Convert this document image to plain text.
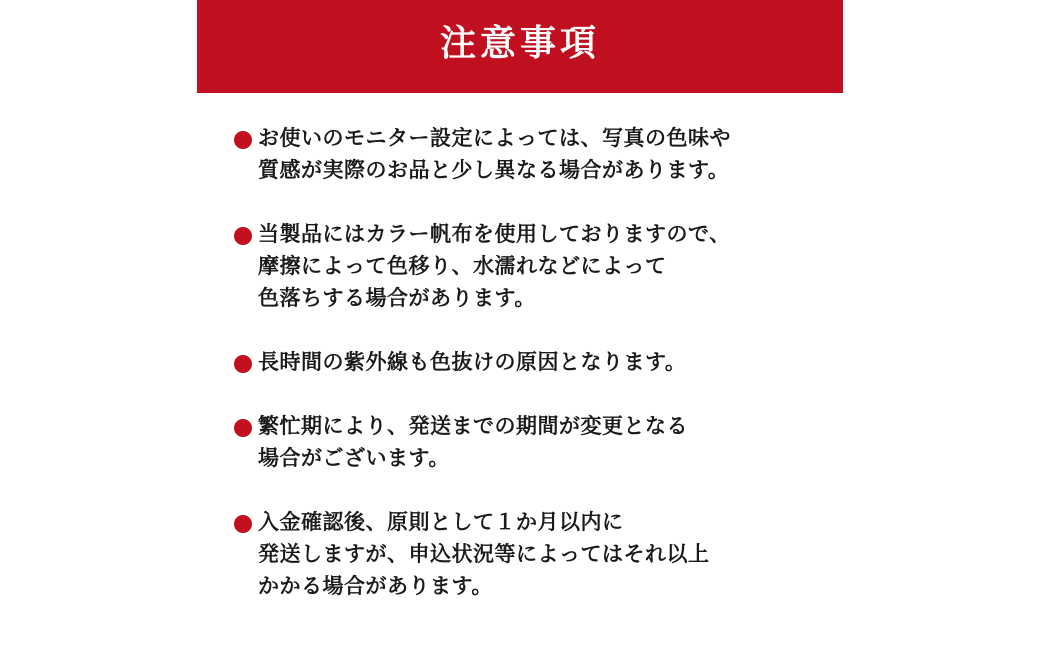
注意事項
お使いのモニター設定によっては、写真の色味や
質感が実際のお品と少し異なる場合があります。
当製品にはカラー帆布を使用しておりますので、
摩擦によって色移り、水濡れなどによって
色落ちする場合があります。
長時間の紫外線も色抜けの原因となります。
繁忙期により、発送までの期間が変更となる
場合がございます。
入金確認後、原則として１か月以内に
発送しますが、申込状況等によってはそれ以上
かかる場合があります。
